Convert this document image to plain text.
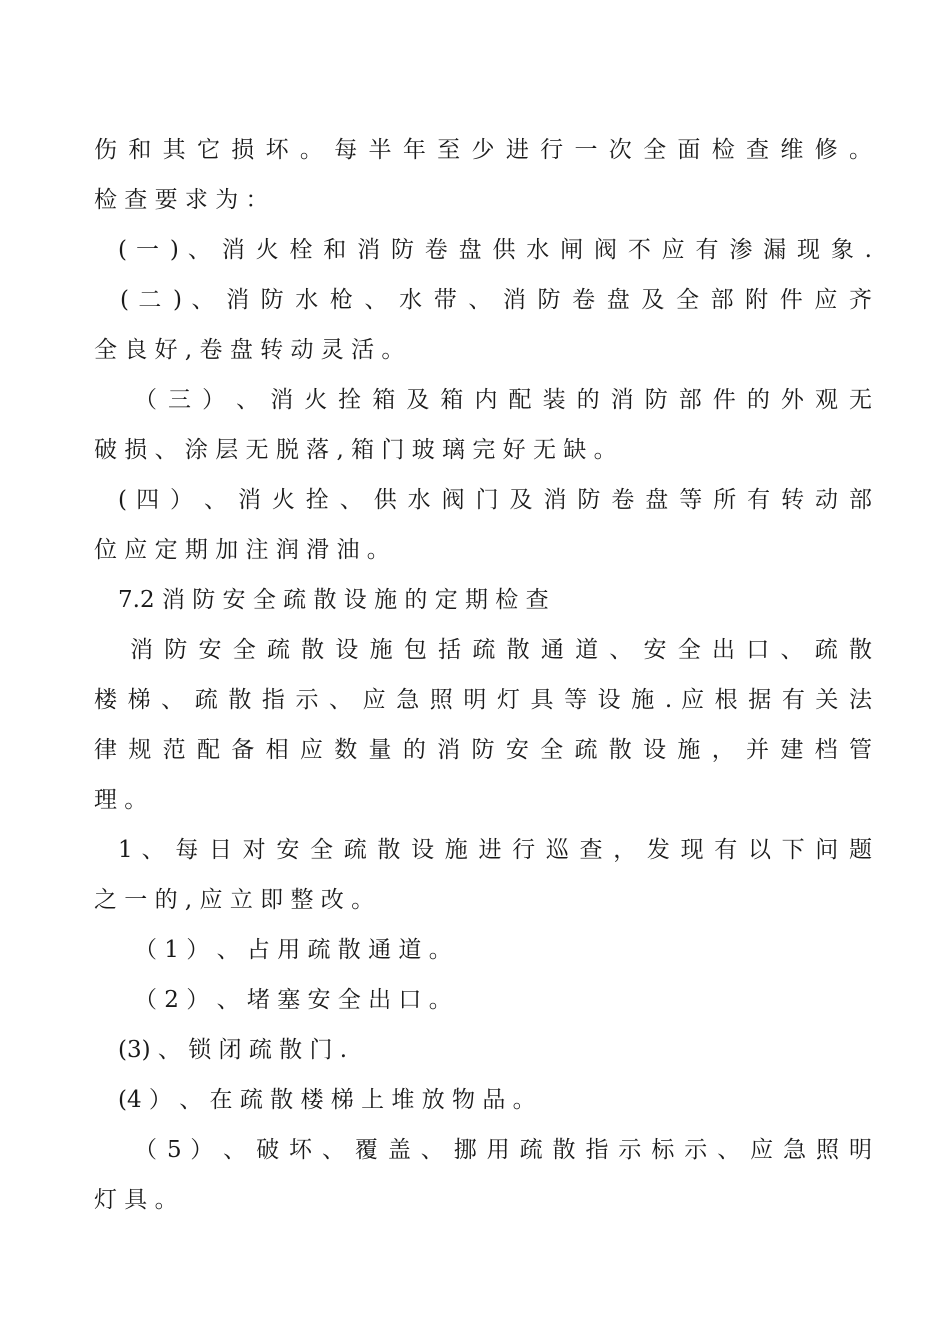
伤 和 其 它 损 坏 。 每 半 年 至 少 进 行 一 次 全 面 检 查 维 修 。
检 查 要 求 为 ：
( 一 ) 、 消 火 栓 和 消 防 卷 盘 供 水 闸 阀 不 应 有 渗 漏 现 象 .
( 二 ) 、 消 防 水 枪 、 水 带 、 消 防 卷 盘 及 全 部 附 件 应 齐
全 良 好 , 卷 盘 转 动 灵 活 。
（ 三 ） 、 消 火 拴 箱 及 箱 内 配 装 的 消 防 部 件 的 外 观 无
破 损 、 涂 层 无 脱 落 , 箱 门 玻 璃 完 好 无 缺 。
( 四 ） 、 消 火 拴 、 供 水 阀 门 及 消 防 卷 盘 等 所 有 转 动 部
位 应 定 期 加 注 润 滑 油 。
7.2 消 防 安 全 疏 散 设 施 的 定 期 检 查
消 防 安 全 疏 散 设 施 包 括 疏 散 通 道 、 安 全 出 口 、 疏 散
楼 梯 、 疏 散 指 示 、 应 急 照 明 灯 具 等 设 施 . 应 根 据 有 关 法
律 规 范 配 备 相 应 数 量 的 消 防 安 全 疏 散 设 施 ， 并 建 档 管
理 。
1 、 每 日 对 安 全 疏 散 设 施 进 行 巡 查 ， 发 现 有 以 下 问 题
之 一 的 , 应 立 即 整 改 。
（ 1 ） 、 占 用 疏 散 通 道 。
（ 2 ） 、 堵 塞 安 全 出 口 。
(3) 、 锁 闭 疏 散 门 .
(4 ） 、 在 疏 散 楼 梯 上 堆 放 物 品 。
（ 5 ） 、 破 坏 、 覆 盖 、 挪 用 疏 散 指 示 标 示 、 应 急 照 明
灯 具 。
